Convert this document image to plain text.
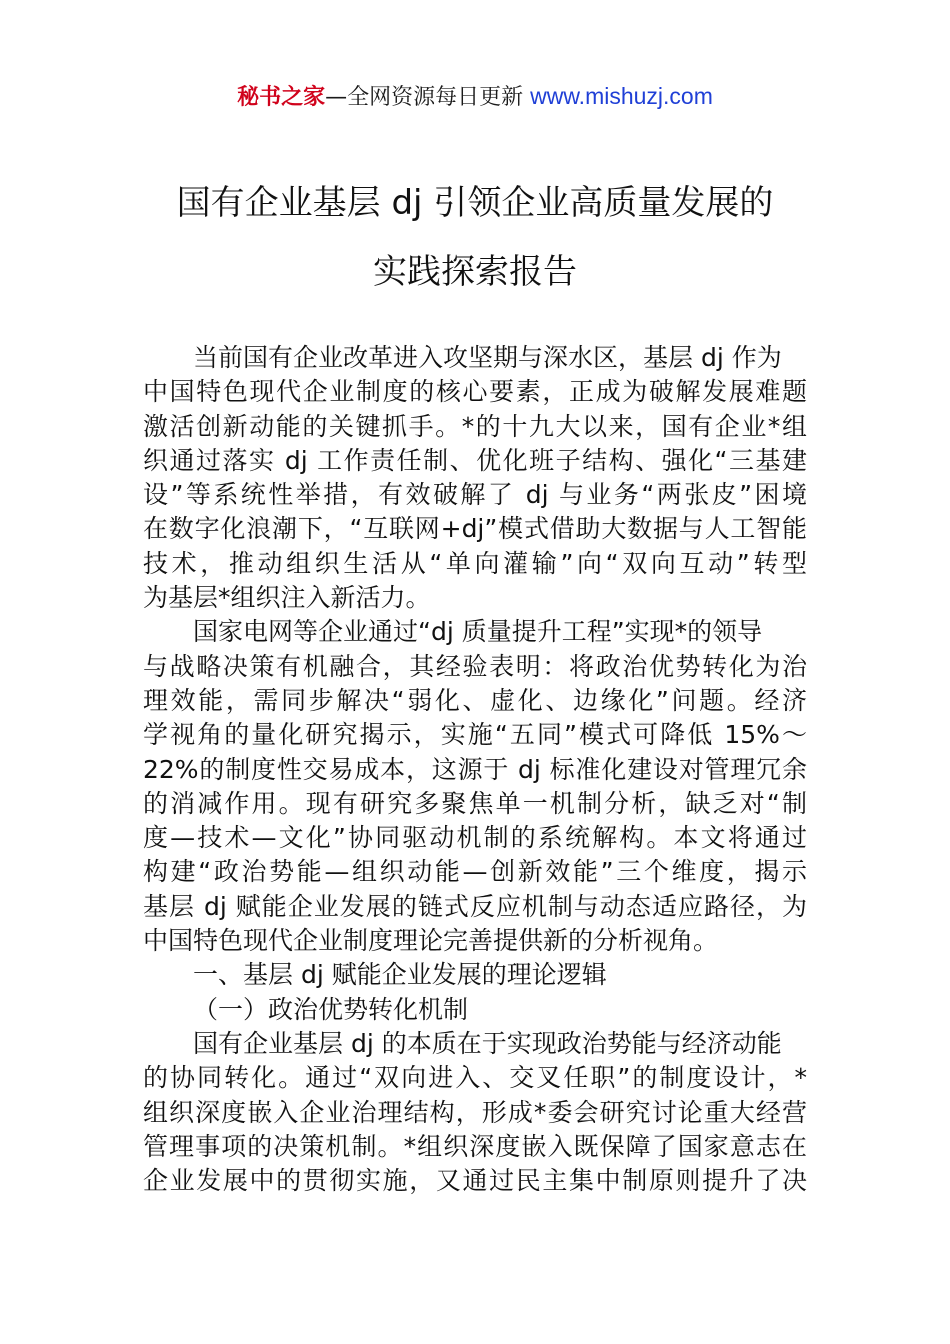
秘书之家—全网资源每日更新 www.mishuzj.com
国有企业基层 dj 引领企业高质量发展的
实践探索报告
当前国有企业改革进入攻坚期与深水区，基层 dj 作为
中国特色现代企业制度的核心要素，正成为破解发展难题
激活创新动能的关键抓手。*的十九大以来，国有企业*组
织通过落实 dj 工作责任制、优化班子结构、强化“三基建
设”等系统性举措，有效破解了 dj 与业务“两张皮”困境
在数字化浪潮下，“互联网+dj”模式借助大数据与人工智能
技术，推动组织生活从“单向灌输”向“双向互动”转型
为基层*组织注入新活力。
国家电网等企业通过“dj 质量提升工程”实现*的领导
与战略决策有机融合，其经验表明：将政治优势转化为治
理效能，需同步解决“弱化、虚化、边缘化”问题。经济
学视角的量化研究揭示，实施“五同”模式可降低 15%～
22%的制度性交易成本，这源于 dj 标准化建设对管理冗余
的消减作用。现有研究多聚焦单一机制分析，缺乏对“制
度—技术—文化”协同驱动机制的系统解构。本文将通过
构建“政治势能—组织动能—创新效能”三个维度，揭示
基层 dj 赋能企业发展的链式反应机制与动态适应路径，为
中国特色现代企业制度理论完善提供新的分析视角。
一、基层 dj 赋能企业发展的理论逻辑
（一）政治优势转化机制
国有企业基层 dj 的本质在于实现政治势能与经济动能
的协同转化。通过“双向进入、交叉任职”的制度设计，*
组织深度嵌入企业治理结构，形成*委会研究讨论重大经营
管理事项的决策机制。*组织深度嵌入既保障了国家意志在
企业发展中的贯彻实施，又通过民主集中制原则提升了决
